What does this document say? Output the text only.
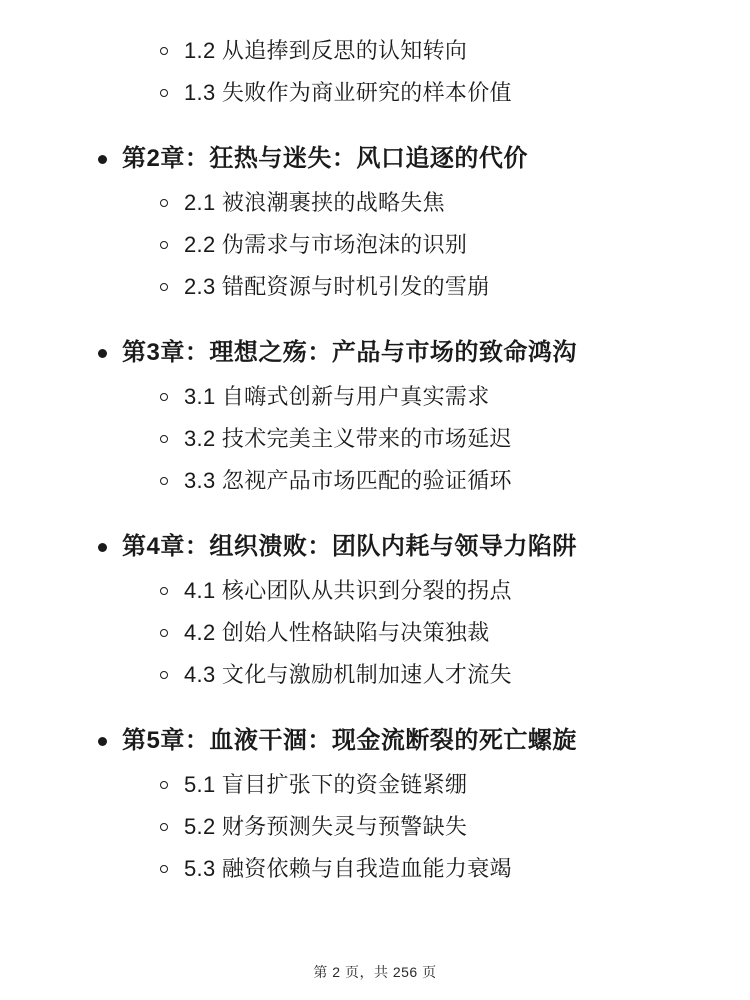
1.2 从追捧到反思的认知转向
1.3 失败作为商业研究的样本价值
第2章：狂热与迷失：风口追逐的代价
2.1 被浪潮裹挟的战略失焦
2.2 伪需求与市场泡沫的识别
2.3 错配资源与时机引发的雪崩
第3章：理想之殇：产品与市场的致命鸿沟
3.1 自嗨式创新与用户真实需求
3.2 技术完美主义带来的市场延迟
3.3 忽视产品市场匹配的验证循环
第4章：组织溃败：团队内耗与领导力陷阱
4.1 核心团队从共识到分裂的拐点
4.2 创始人性格缺陷与决策独裁
4.3 文化与激励机制加速人才流失
第5章：血液干涸：现金流断裂的死亡螺旋
5.1 盲目扩张下的资金链紧绷
5.2 财务预测失灵与预警缺失
5.3 融资依赖与自我造血能力衰竭
第 2 页，共 256 页
